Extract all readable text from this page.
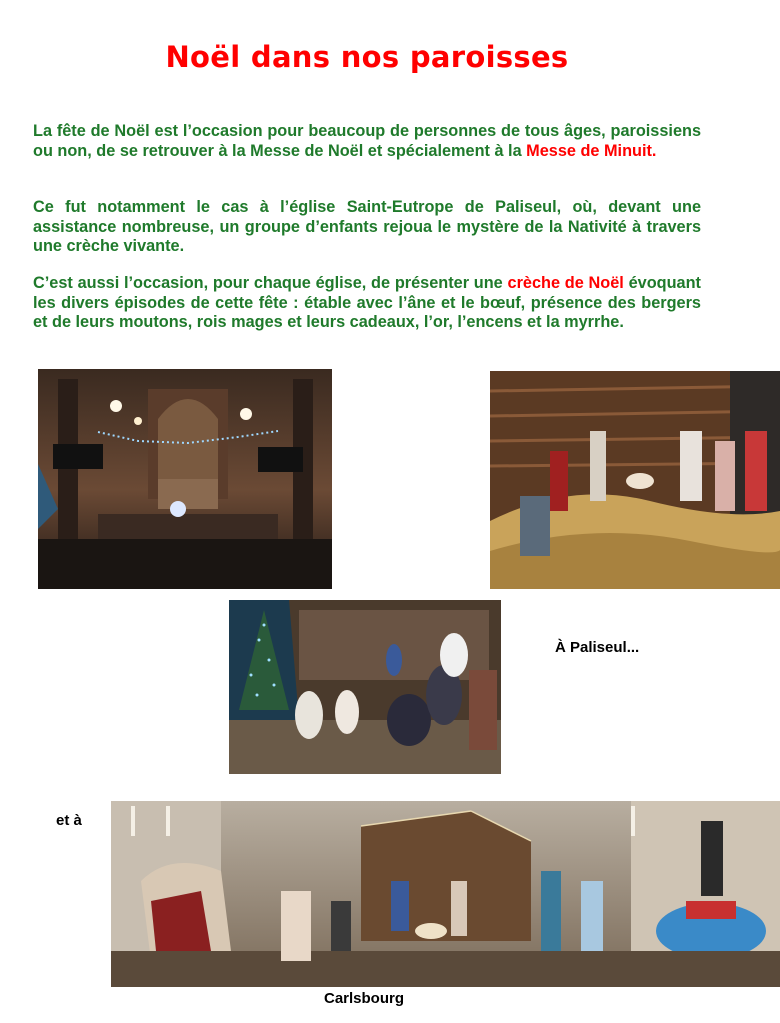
Noël dans nos paroisses

La fête de Noël est l’occasion pour beaucoup de personnes de tous âges, paroissiens ou non, de se retrouver à la Messe de Noël et spécialement à la Messe de Minuit.

Ce fut notamment le cas à l’église Saint-Eutrope de Paliseul, où, devant une assistance nombreuse, un groupe d’enfants rejoua le mystère de la Nativité à travers une crèche vivante.

C’est aussi l’occasion, pour chaque église, de présenter une crèche de Noël évoquant les divers épisodes de cette fête : étable avec l’âne et le bœuf, présence des bergers et de leurs moutons, rois mages et leurs cadeaux, l’or, l’encens et la myrrhe.

À Paliseul...
et à
Carlsbourg
